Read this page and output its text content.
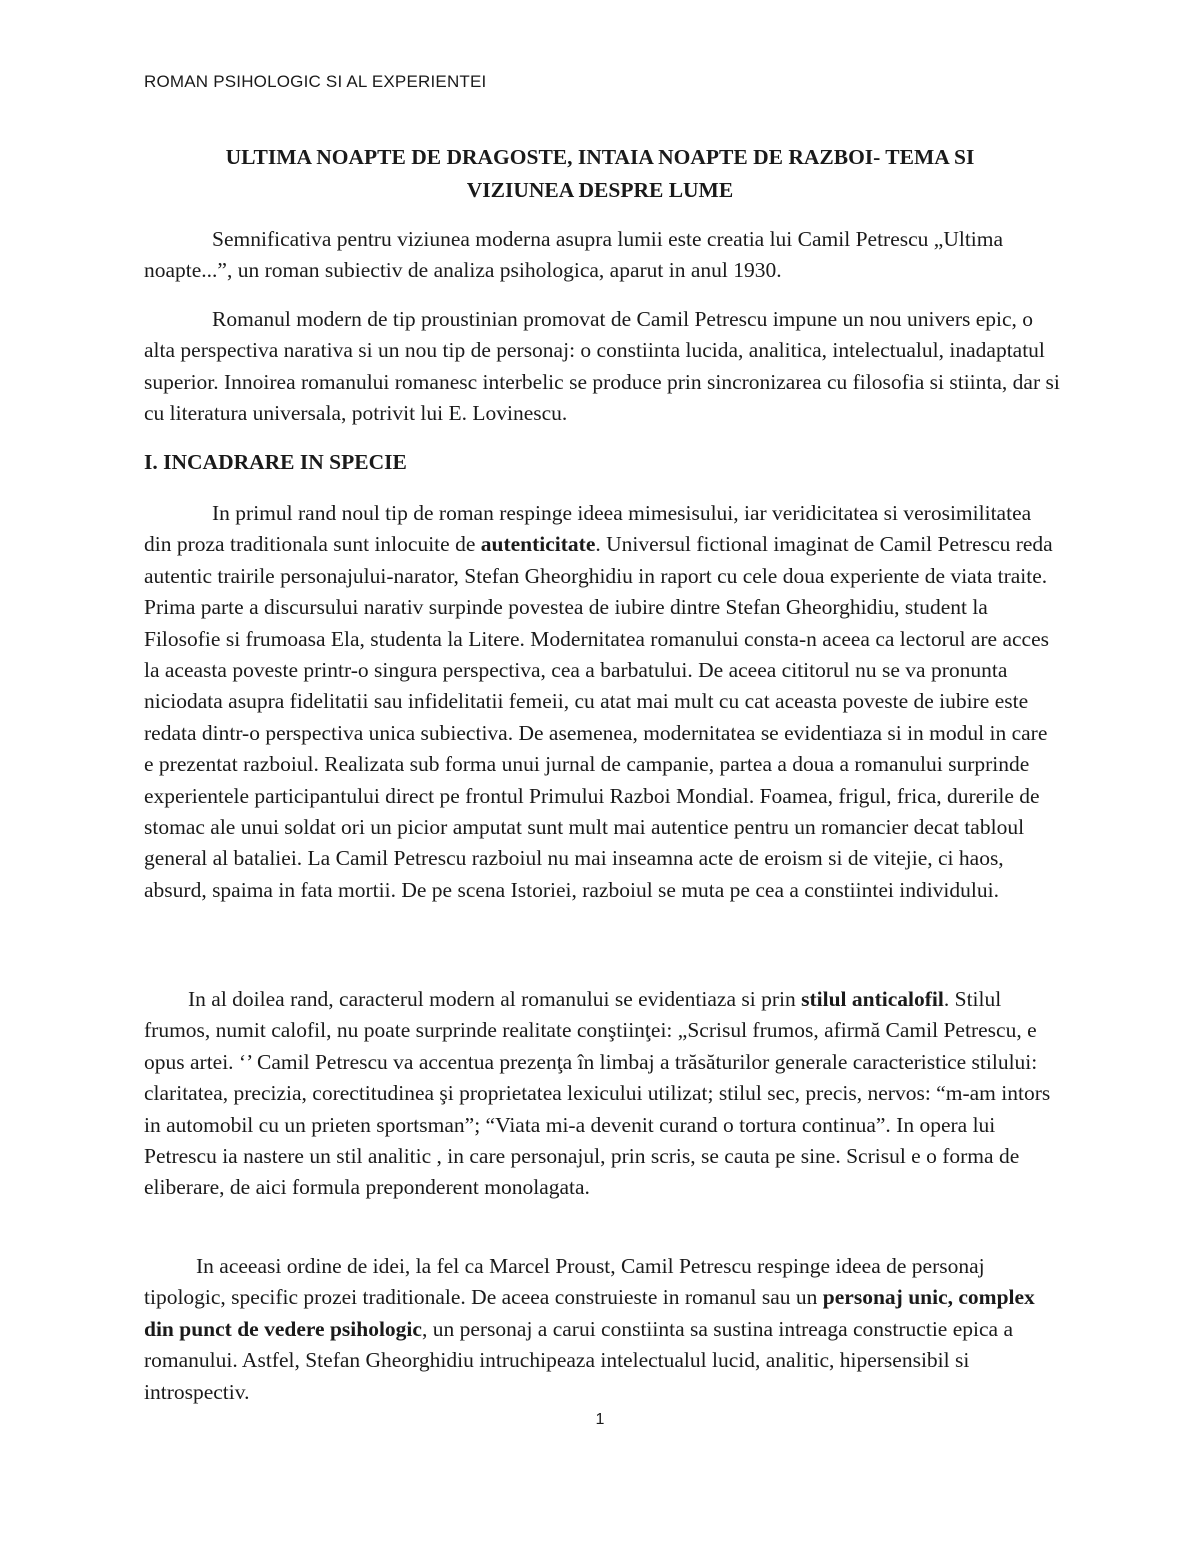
ROMAN PSIHOLOGIC SI AL EXPERIENTEI
ULTIMA NOAPTE DE DRAGOSTE, INTAIA NOAPTE DE RAZBOI- TEMA SI
VIZIUNEA DESPRE LUME

Semnificativa pentru viziunea moderna asupra lumii este creatia lui Camil Petrescu „Ultima noapte...”, un roman subiectiv de analiza psihologica, aparut in anul 1930.

Romanul modern de tip proustinian promovat de Camil Petrescu impune un nou univers epic, o alta perspectiva narativa si un nou tip de personaj: o constiinta lucida, analitica, intelectualul, inadaptatul superior. Innoirea romanului romanesc interbelic se produce prin sincronizarea cu filosofia si stiinta, dar si cu literatura universala, potrivit lui E. Lovinescu.

I. INCADRARE IN SPECIE

In primul rand noul tip de roman respinge ideea mimesisului, iar veridicitatea si verosimilitatea din proza traditionala sunt inlocuite de autenticitate. Universul fictional imaginat de Camil Petrescu reda autentic trairile personajului-narator, Stefan Gheorghidiu in raport cu cele doua experiente de viata traite. Prima parte a discursului narativ surpinde povestea de iubire dintre Stefan Gheorghidiu, student la Filosofie si frumoasa Ela, studenta la Litere. Modernitatea romanului consta-n aceea ca lectorul are acces la aceasta poveste printr-o singura perspectiva, cea a barbatului. De aceea cititorul nu se va pronunta niciodata asupra fidelitatii sau infidelitatii femeii, cu atat mai mult cu cat aceasta poveste de iubire este redata dintr-o perspectiva unica subiectiva. De asemenea, modernitatea se evidentiaza si in modul in care e prezentat razboiul. Realizata sub forma unui jurnal de campanie, partea a doua a romanului surprinde experientele participantului direct pe frontul Primului Razboi Mondial. Foamea, frigul, frica, durerile de stomac ale unui soldat ori un picior amputat sunt mult mai autentice pentru un romancier decat tabloul general al bataliei. La Camil Petrescu razboiul nu mai inseamna acte de eroism si de vitejie, ci haos, absurd, spaima in fata mortii. De pe scena Istoriei, razboiul se muta pe cea a constiintei individului.

In al doilea rand, caracterul modern al romanului se evidentiaza si prin stilul anticalofil. Stilul frumos, numit calofil, nu poate surprinde realitate conştiinţei: „Scrisul frumos, afirmă Camil Petrescu, e opus artei. ‘’ Camil Petrescu va accentua prezenţa în limbaj a trăsăturilor generale caracteristice stilului: claritatea, precizia, corectitudinea şi proprietatea lexicului utilizat; stilul sec, precis, nervos: “m-am intors in automobil cu un prieten sportsman”; “Viata mi-a devenit curand o tortura continua”. In opera lui Petrescu ia nastere un stil analitic , in care personajul, prin scris, se cauta pe sine. Scrisul e o forma de eliberare, de aici formula preponderent monolagata.

In aceeasi ordine de idei, la fel ca Marcel Proust, Camil Petrescu respinge ideea de personaj tipologic, specific prozei traditionale. De aceea construieste in romanul sau un personaj unic, complex din punct de vedere psihologic, un personaj a carui constiinta sa sustina intreaga constructie epica a romanului. Astfel, Stefan Gheorghidiu intruchipeaza intelectualul lucid, analitic, hipersensibil si introspectiv.

1
